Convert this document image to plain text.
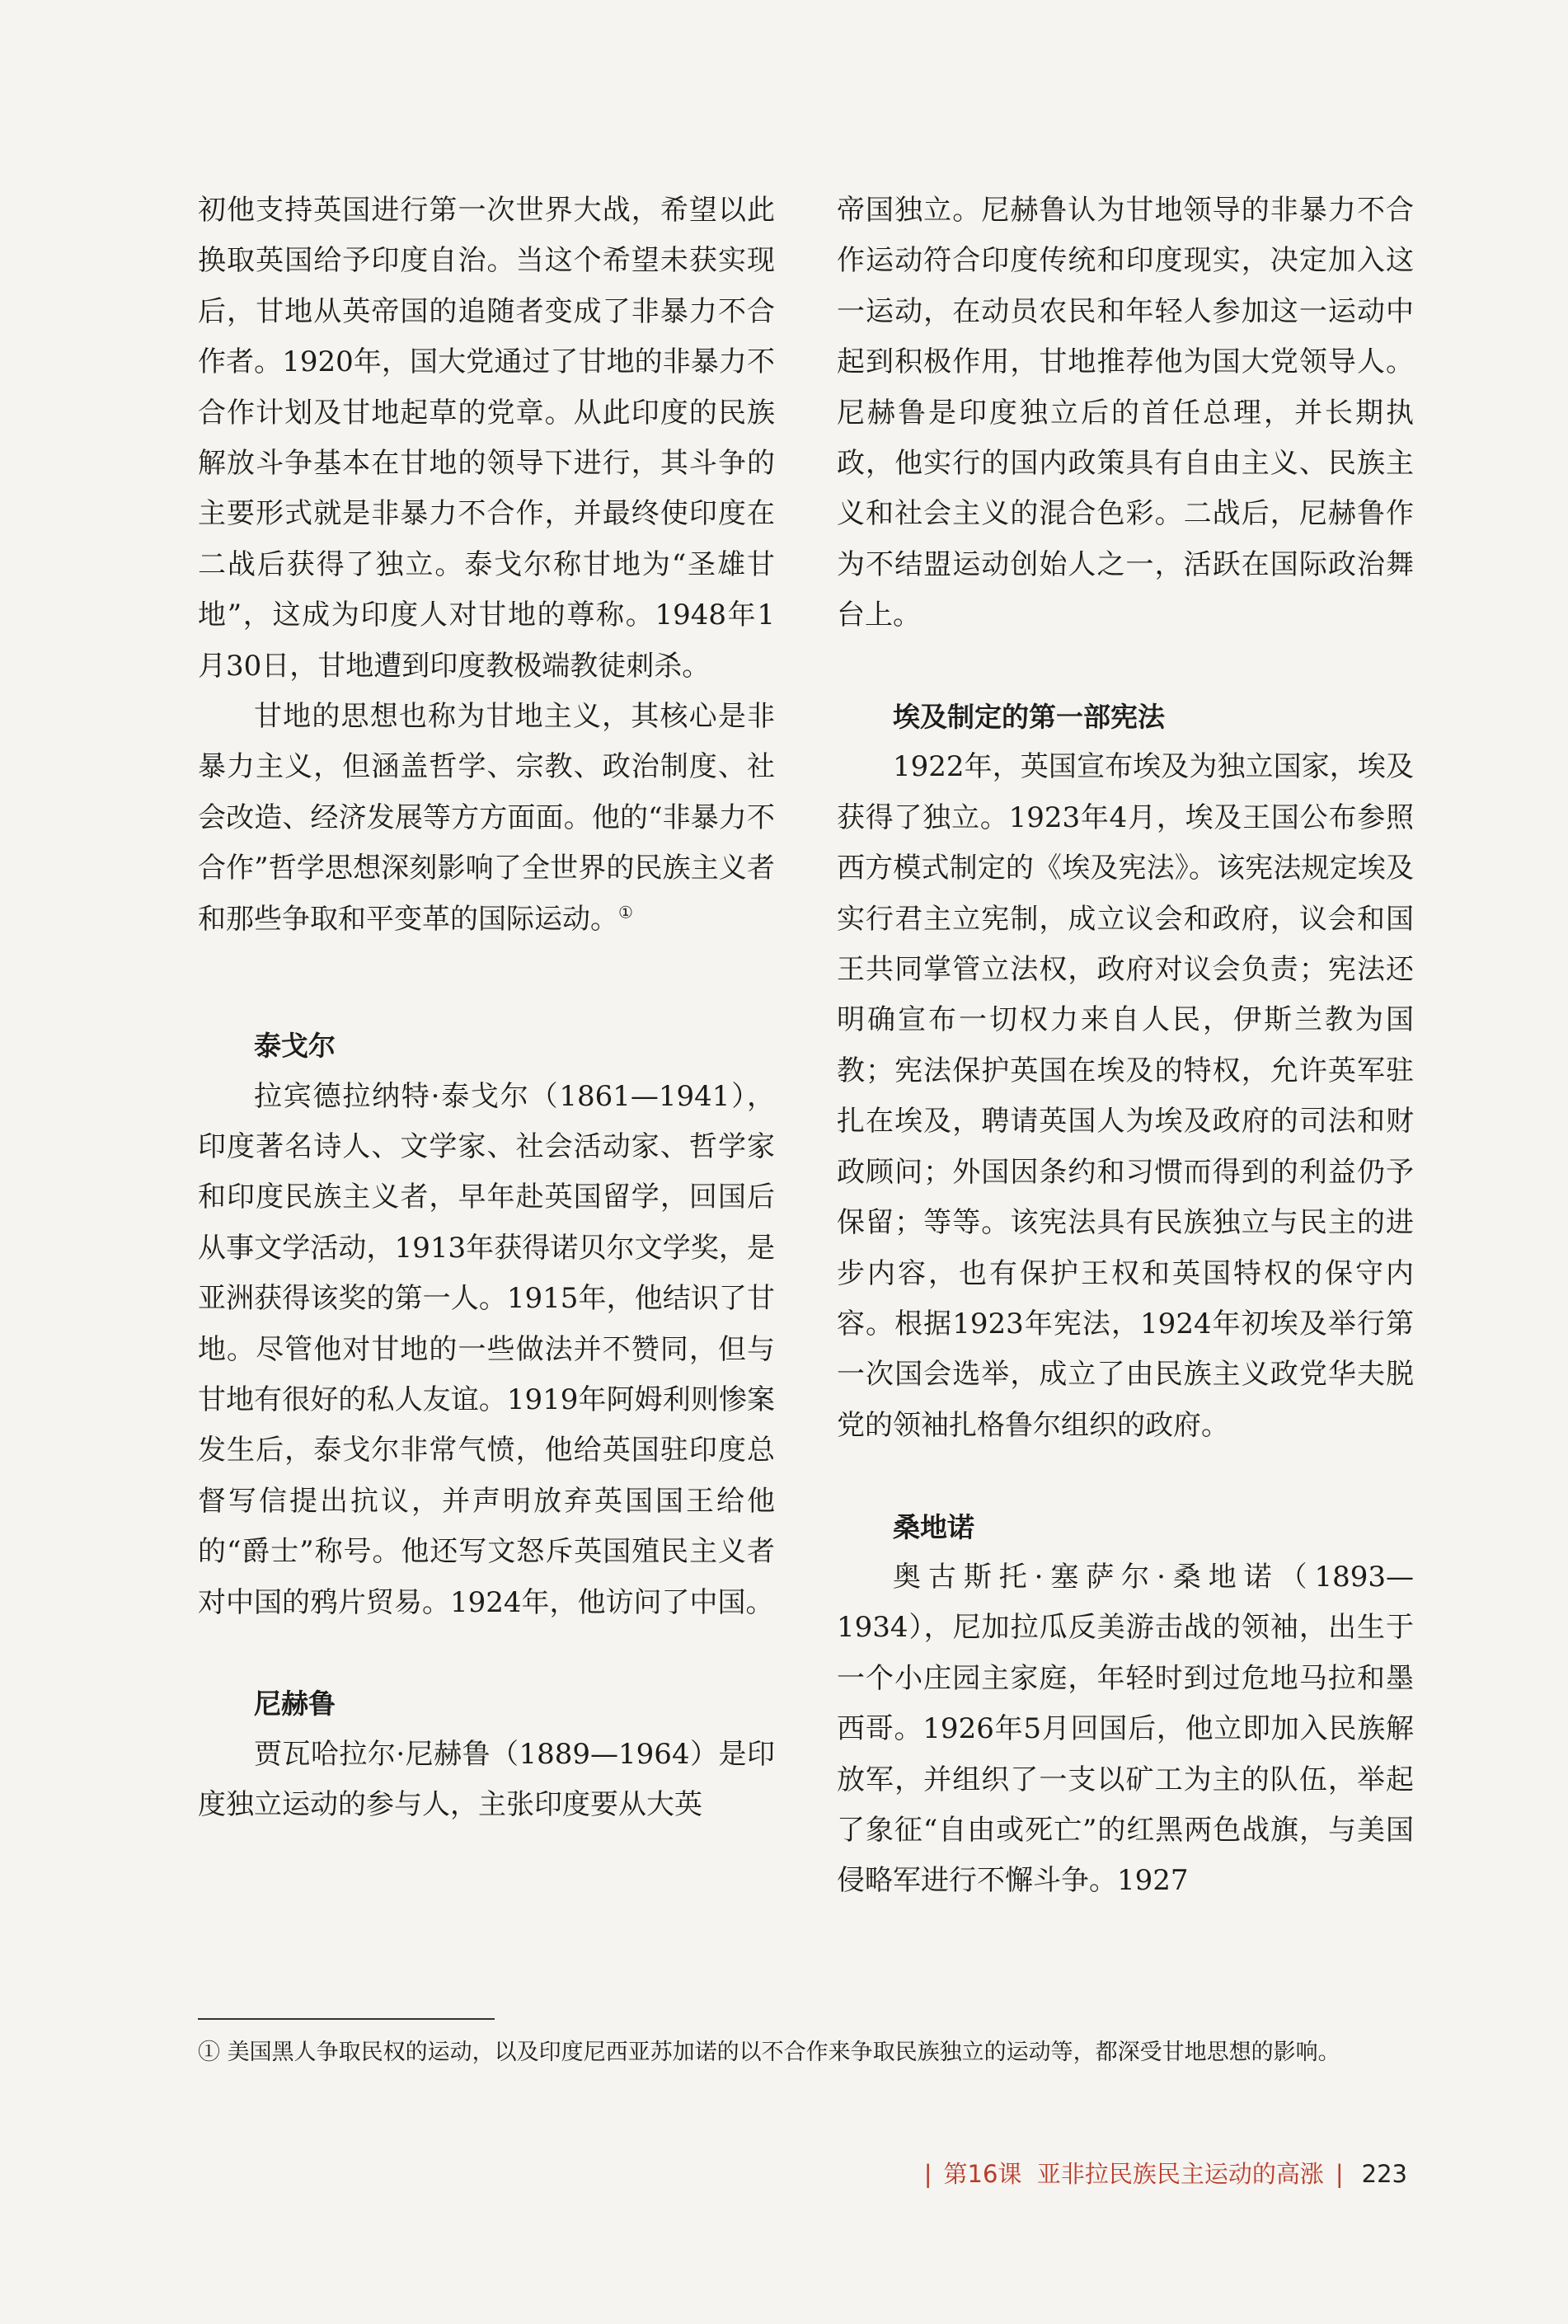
初他支持英国进行第一次世界大战，希望以此换取英国给予印度自治。当这个希望未获实现后，甘地从英帝国的追随者变成了非暴力不合作者。1920年，国大党通过了甘地的非暴力不合作计划及甘地起草的党章。从此印度的民族解放斗争基本在甘地的领导下进行，其斗争的主要形式就是非暴力不合作，并最终使印度在二战后获得了独立。泰戈尔称甘地为“圣雄甘地”，这成为印度人对甘地的尊称。1948年1月30日，甘地遭到印度教极端教徒刺杀。

甘地的思想也称为甘地主义，其核心是非暴力主义，但涵盖哲学、宗教、政治制度、社会改造、经济发展等方方面面。他的“非暴力不合作”哲学思想深刻影响了全世界的民族主义者和那些争取和平变革的国际运动。①

泰戈尔

拉宾德拉纳特·泰戈尔（1861—1941），印度著名诗人、文学家、社会活动家、哲学家和印度民族主义者，早年赴英国留学，回国后从事文学活动，1913年获得诺贝尔文学奖，是亚洲获得该奖的第一人。1915年，他结识了甘地。尽管他对甘地的一些做法并不赞同，但与甘地有很好的私人友谊。1919年阿姆利则惨案发生后，泰戈尔非常气愤，他给英国驻印度总督写信提出抗议，并声明放弃英国国王给他的“爵士”称号。他还写文怒斥英国殖民主义者对中国的鸦片贸易。1924年，他访问了中国。

尼赫鲁

贾瓦哈拉尔·尼赫鲁（1889—1964）是印度独立运动的参与人，主张印度要从大英

帝国独立。尼赫鲁认为甘地领导的非暴力不合作运动符合印度传统和印度现实，决定加入这一运动，在动员农民和年轻人参加这一运动中起到积极作用，甘地推荐他为国大党领导人。尼赫鲁是印度独立后的首任总理，并长期执政，他实行的国内政策具有自由主义、民族主义和社会主义的混合色彩。二战后，尼赫鲁作为不结盟运动创始人之一，活跃在国际政治舞台上。

埃及制定的第一部宪法

1922年，英国宣布埃及为独立国家，埃及获得了独立。1923年4月，埃及王国公布参照西方模式制定的《埃及宪法》。该宪法规定埃及实行君主立宪制，成立议会和政府，议会和国王共同掌管立法权，政府对议会负责；宪法还明确宣布一切权力来自人民，伊斯兰教为国教；宪法保护英国在埃及的特权，允许英军驻扎在埃及，聘请英国人为埃及政府的司法和财政顾问；外国因条约和习惯而得到的利益仍予保留；等等。该宪法具有民族独立与民主的进步内容，也有保护王权和英国特权的保守内容。根据1923年宪法，1924年初埃及举行第一次国会选举，成立了由民族主义政党华夫脱党的领袖扎格鲁尔组织的政府。

桑地诺

奥古斯托·塞萨尔·桑地诺（1893—1934），尼加拉瓜反美游击战的领袖，出生于一个小庄园主家庭，年轻时到过危地马拉和墨西哥。1926年5月回国后，他立即加入民族解放军，并组织了一支以矿工为主的队伍，举起了象征“自由或死亡”的红黑两色战旗，与美国侵略军进行不懈斗争。1927

① 美国黑人争取民权的运动，以及印度尼西亚苏加诺的以不合作来争取民族独立的运动等，都深受甘地思想的影响。
| 第16课 亚非拉民族民主运动的高涨 | 223
